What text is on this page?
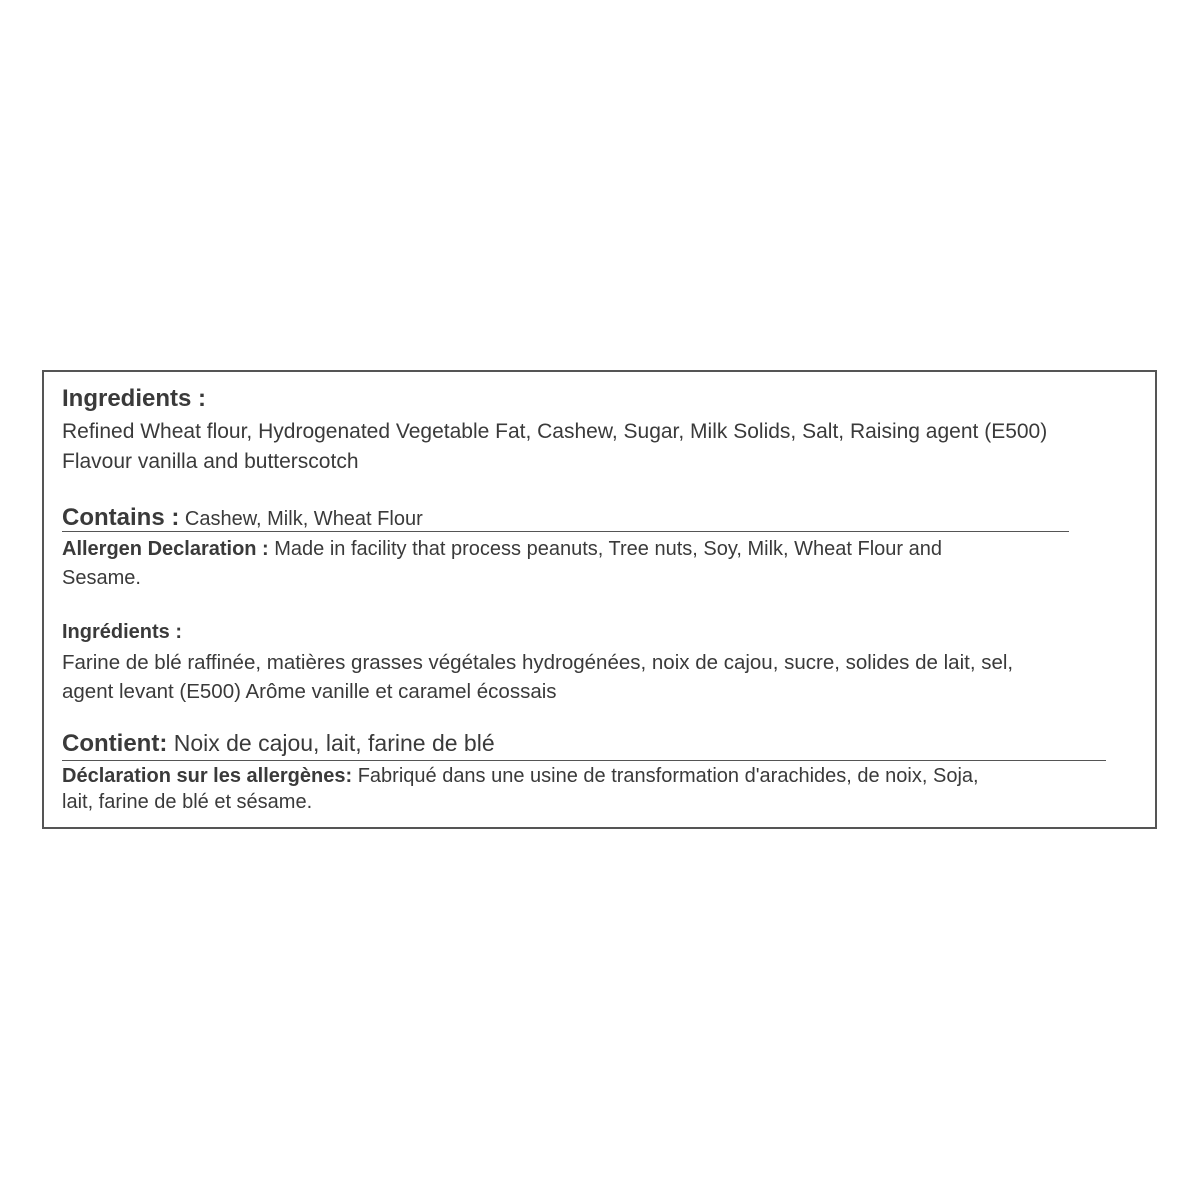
Ingredients :
Refined Wheat flour, Hydrogenated Vegetable Fat, Cashew, Sugar, Milk Solids, Salt, Raising agent (E500)
Flavour vanilla and butterscotch
Contains : Cashew, Milk, Wheat Flour
Allergen Declaration : Made in facility that process peanuts, Tree nuts, Soy, Milk, Wheat Flour and
Sesame.
Ingrédients :
Farine de blé raffinée, matières grasses végétales hydrogénées, noix de cajou, sucre, solides de lait, sel,
agent levant (E500) Arôme vanille et caramel écossais
Contient: Noix de cajou, lait, farine de blé
Déclaration sur les allergènes: Fabriqué dans une usine de transformation d'arachides, de noix, Soja,
lait, farine de blé et sésame.
